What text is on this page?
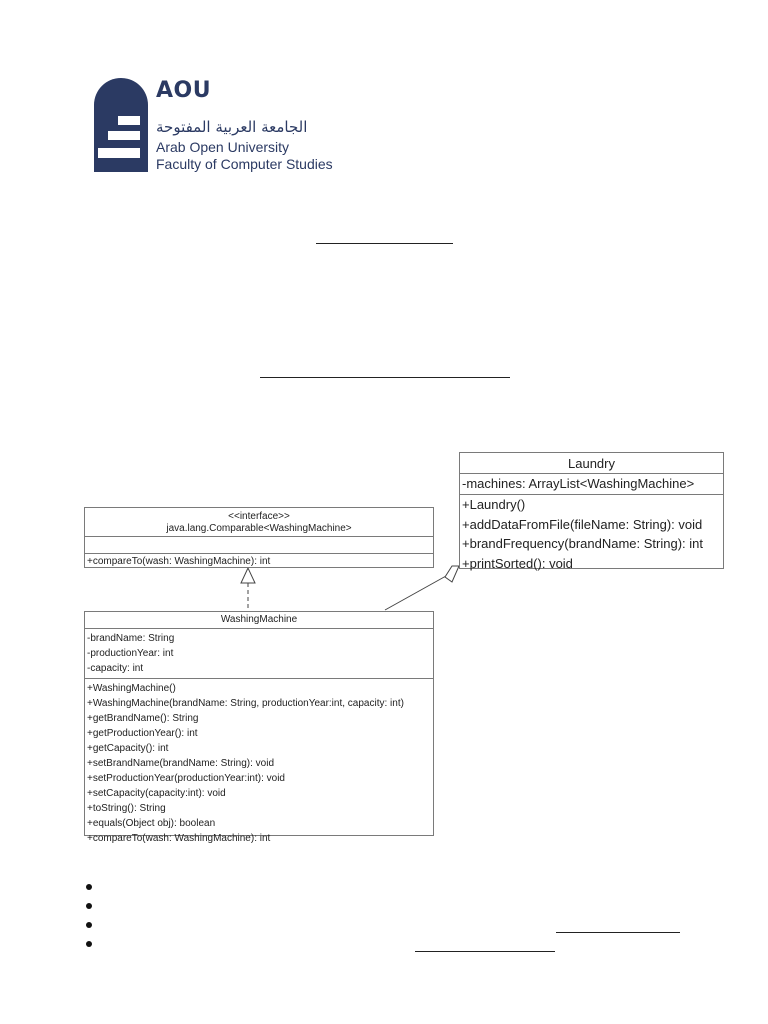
AOU
الجامعة العربية المفتوحة
Arab Open University
Faculty of Computer Studies
<<interface>>
java.lang.Comparable<WashingMachine>
+compareTo(wash: WashingMachine): int
WashingMachine
-brandName: String
-productionYear: int
-capacity: int
+WashingMachine()
+WashingMachine(brandName: String, productionYear:int, capacity: int)
+getBrandName(): String
+getProductionYear(): int
+getCapacity(): int
+setBrandName(brandName: String): void
+setProductionYear(productionYear:int): void
+setCapacity(capacity:int): void
+toString(): String
+equals(Object obj): boolean
+compareTo(wash: WashingMachine): int
Laundry
-machines: ArrayList<WashingMachine>
+Laundry()
+addDataFromFile(fileName: String): void
+brandFrequency(brandName: String): int
+printSorted(): void
